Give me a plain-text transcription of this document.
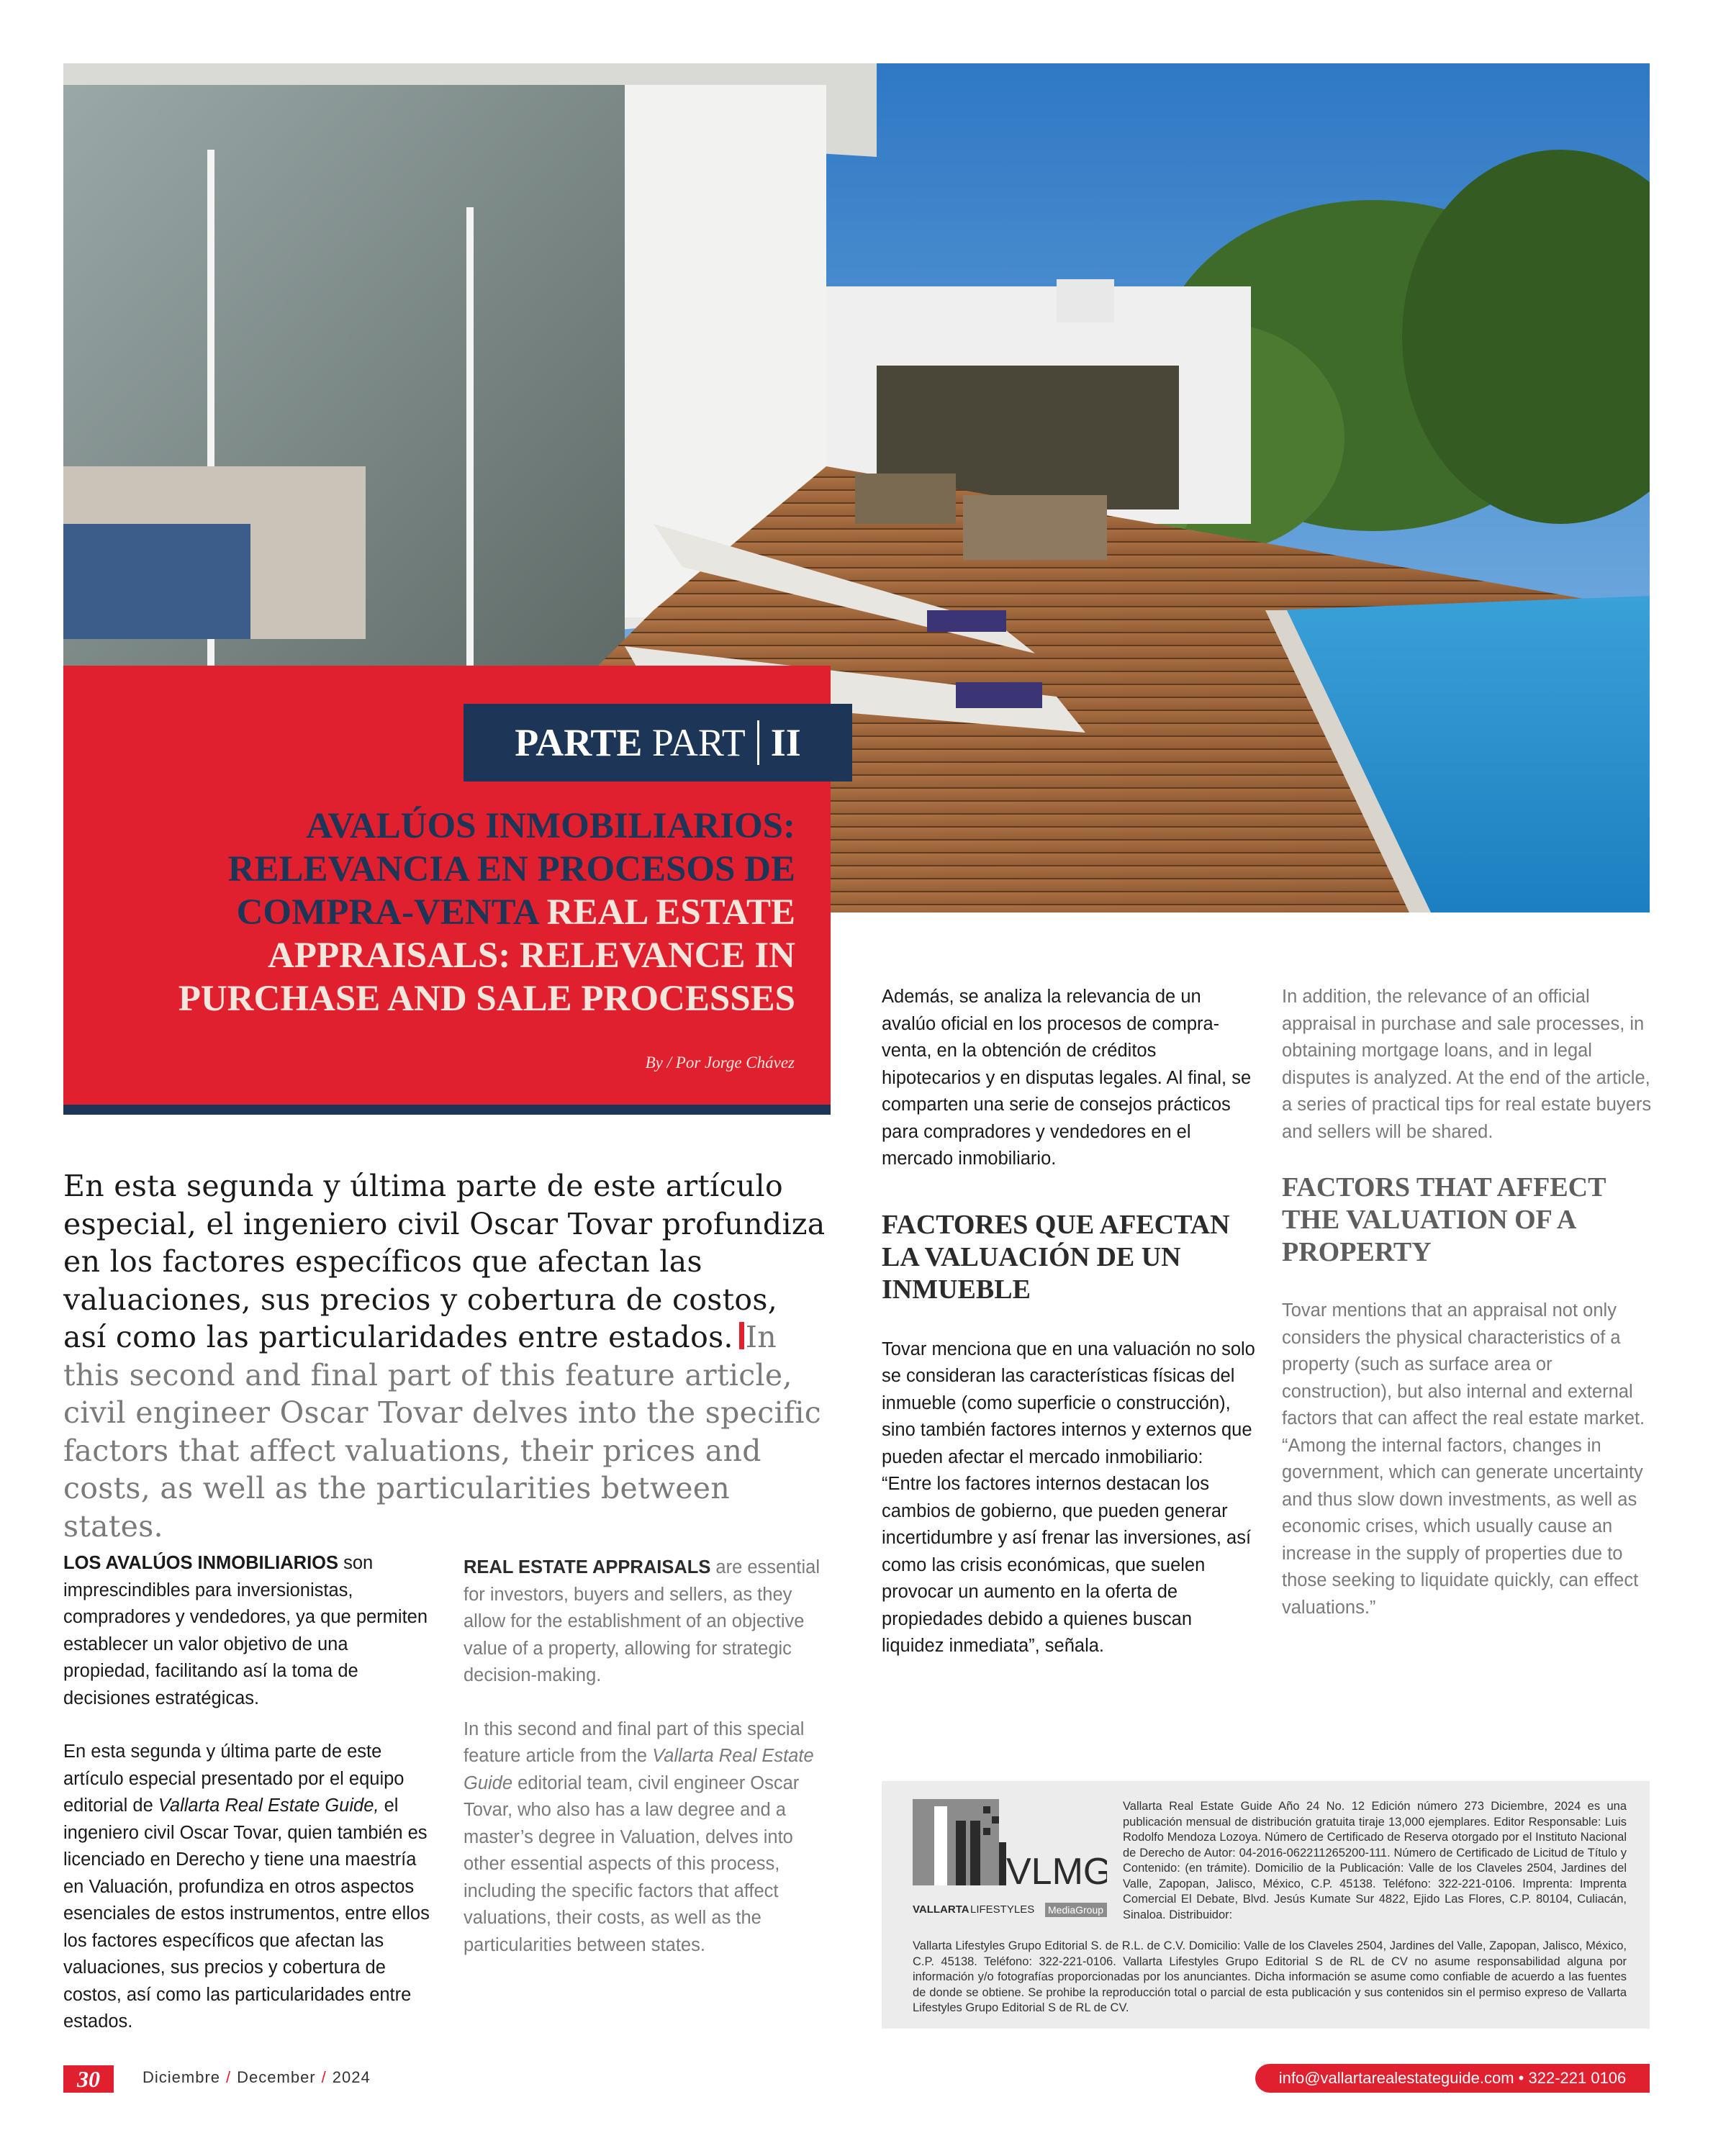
PARTE
PART II
AVALÚOS INMOBILIARIOS: RELEVANCIA EN PROCESOS DE COMPRA-VENTA REAL ESTATE APPRAISALS: RELEVANCE IN PURCHASE AND SALE PROCESSES
By / Por Jorge Chávez

En esta segunda y última parte de este artículo especial, el ingeniero civil Oscar Tovar profundiza en los factores específicos que afectan las valuaciones, sus precios y cobertura de costos, así como las particularidades entre estados. In this second and final part of this feature article, civil engineer Oscar Tovar delves into the specific factors that affect valuations, their prices and costs, as well as the particularities between states.

LOS AVALÚOS INMOBILIARIOS son imprescindibles para inversionistas, compradores y vendedores, ya que permiten establecer un valor objetivo de una propiedad, facilitando así la toma de decisiones estratégicas.

En esta segunda y última parte de este artículo especial presentado por el equipo editorial de Vallarta Real Estate Guide, el ingeniero civil Oscar Tovar, quien también es licenciado en Derecho y tiene una maestría en Valuación, profundiza en otros aspectos esenciales de estos instrumentos, entre ellos los factores específicos que afectan las valuaciones, sus precios y cobertura de costos, así como las particularidades entre estados.

REAL ESTATE APPRAISALS are essential for investors, buyers and sellers, as they allow for the establishment of an objective value of a property, allowing for strategic decision-making.

In this second and final part of this special feature article from the Vallarta Real Estate Guide editorial team, civil engineer Oscar Tovar, who also has a law degree and a master’s degree in Valuation, delves into other essential aspects of this process, including the specific factors that affect valuations, their costs, as well as the particularities between states.

Además, se analiza la relevancia de un avalúo oficial en los procesos de compra-venta, en la obtención de créditos hipotecarios y en disputas legales. Al final, se comparten una serie de consejos prácticos para compradores y vendedores en el mercado inmobiliario.

FACTORES QUE AFECTAN LA VALUACIÓN DE UN INMUEBLE

Tovar menciona que en una valuación no solo se consideran las características físicas del inmueble (como superficie o construcción), sino también factores internos y externos que pueden afectar el mercado inmobiliario: “Entre los factores internos destacan los cambios de gobierno, que pueden generar incertidumbre y así frenar las inversiones, así como las crisis económicas, que suelen provocar un aumento en la oferta de propiedades debido a quienes buscan liquidez inmediata”, señala.

In addition, the relevance of an official appraisal in purchase and sale processes, in obtaining mortgage loans, and in legal disputes is analyzed. At the end of the article, a series of practical tips for real estate buyers and sellers will be shared.

FACTORS THAT AFFECT THE VALUATION OF A PROPERTY

Tovar mentions that an appraisal not only considers the physical characteristics of a property (such as surface area or construction), but also internal and external factors that can affect the real estate market. “Among the internal factors, changes in government, which can generate uncertainty and thus slow down investments, as well as economic crises, which usually cause an increase in the supply of properties due to those seeking to liquidate quickly, can effect valuations.”

VLMG
VALLARTA LIFESTYLES MediaGroup

Vallarta Real Estate Guide Año 24 No. 12 Edición número 273 Diciembre, 2024 es una publicación mensual de distribución gratuita tiraje 13,000 ejemplares. Editor Responsable: Luis Rodolfo Mendoza Lozoya. Número de Certificado de Reserva otorgado por el Instituto Nacional de Derecho de Autor: 04-2016-062211265200-111. Número de Certificado de Licitud de Título y Contenido: (en trámite). Domicilio de la Publicación: Valle de los Claveles 2504, Jardines del Valle, Zapopan, Jalisco, México, C.P. 45138. Teléfono: 322-221-0106. Imprenta: Imprenta Comercial El Debate, Blvd. Jesús Kumate Sur 4822, Ejido Las Flores, C.P. 80104, Culiacán, Sinaloa. Distribuidor:

Vallarta Lifestyles Grupo Editorial S. de R.L. de C.V. Domicilio: Valle de los Claveles 2504, Jardines del Valle, Zapopan, Jalisco, México, C.P. 45138. Teléfono: 322-221-0106. Vallarta Lifestyles Grupo Editorial S de RL de CV no asume responsabilidad alguna por información y/o fotografías proporcionadas por los anunciantes. Dicha información se asume como confiable de acuerdo a las fuentes de donde se obtiene. Se prohibe la reproducción total o parcial de esta publicación y sus contenidos sin el permiso expreso de Vallarta Lifestyles Grupo Editorial S de RL de CV.

30	Diciembre / December / 2024	info@vallartarealestateguide.com • 322-221 0106
